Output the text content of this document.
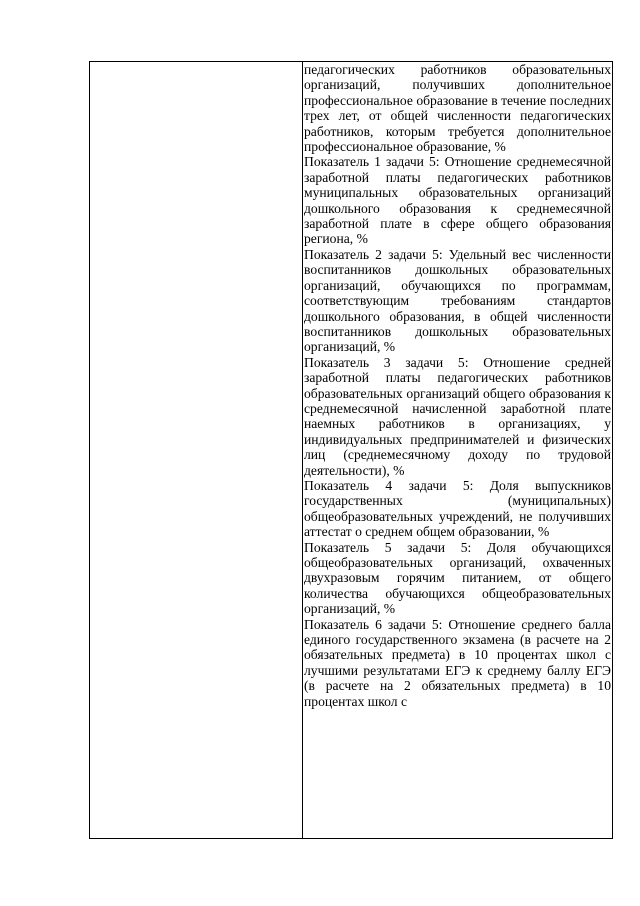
педагогических работников образовательных организаций, получивших дополнительное профессиональное образование в течение последних трех лет, от общей численности педагогических работников, которым требуется дополнительное профессиональное образование, %

Показатель 1 задачи 5: Отношение среднемесячной заработной платы педагогических работников муниципальных образовательных организаций дошкольного образования к среднемесячной заработной плате в сфере общего образования региона, %

Показатель 2 задачи 5: Удельный вес численности воспитанников дошкольных образовательных организаций, обучающихся по программам, соответствующим требованиям стандартов дошкольного образования, в общей численности воспитанников дошкольных образовательных организаций, %

Показатель 3 задачи 5: Отношение средней заработной платы педагогических работников образовательных организаций общего образования к среднемесячной начисленной заработной плате наемных работников в организациях, у индивидуальных предпринимателей и физических лиц (среднемесячному доходу по трудовой деятельности), %

Показатель 4 задачи 5: Доля выпускников государственных (муниципальных) общеобразовательных учреждений, не получивших аттестат о среднем общем образовании, %

Показатель 5 задачи 5: Доля обучающихся общеобразовательных организаций, охваченных двухразовым горячим питанием, от общего количества обучающихся общеобразовательных организаций, %

Показатель 6 задачи 5: Отношение среднего балла единого государственного экзамена (в расчете на 2 обязательных предмета) в 10 процентах школ с лучшими результатами ЕГЭ к среднему баллу ЕГЭ (в расчете на 2 обязательных предмета) в 10 процентах школ с
